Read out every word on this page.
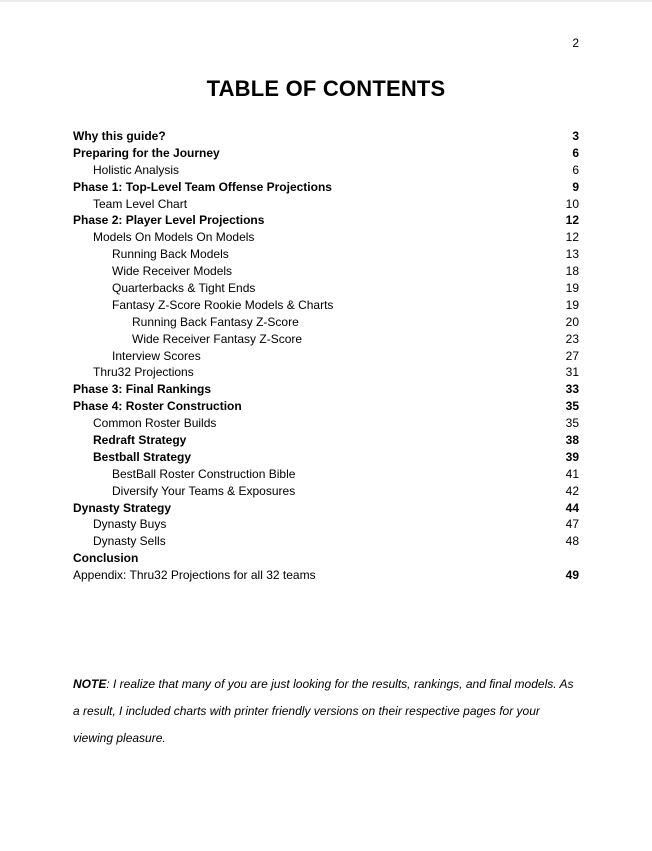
2
TABLE OF CONTENTS
Why this guide?	3
Preparing for the Journey	6
Holistic Analysis	6
Phase 1: Top-Level Team Offense Projections	9
Team Level Chart	10
Phase 2: Player Level Projections	12
Models On Models On Models	12
Running Back Models	13
Wide Receiver Models	18
Quarterbacks & Tight Ends	19
Fantasy Z-Score Rookie Models & Charts	19
Running Back Fantasy Z-Score	20
Wide Receiver Fantasy Z-Score	23
Interview Scores	27
Thru32 Projections	31
Phase 3: Final Rankings	33
Phase 4: Roster Construction	35
Common Roster Builds	35
Redraft Strategy	38
Bestball Strategy	39
BestBall Roster Construction Bible	41
Diversify Your Teams & Exposures	42
Dynasty Strategy	44
Dynasty Buys	47
Dynasty Sells	48
Conclusion
Appendix: Thru32 Projections for all 32 teams	49

NOTE: I realize that many of you are just looking for the results, rankings, and final models. As a result, I included charts with printer friendly versions on their respective pages for your viewing pleasure.
